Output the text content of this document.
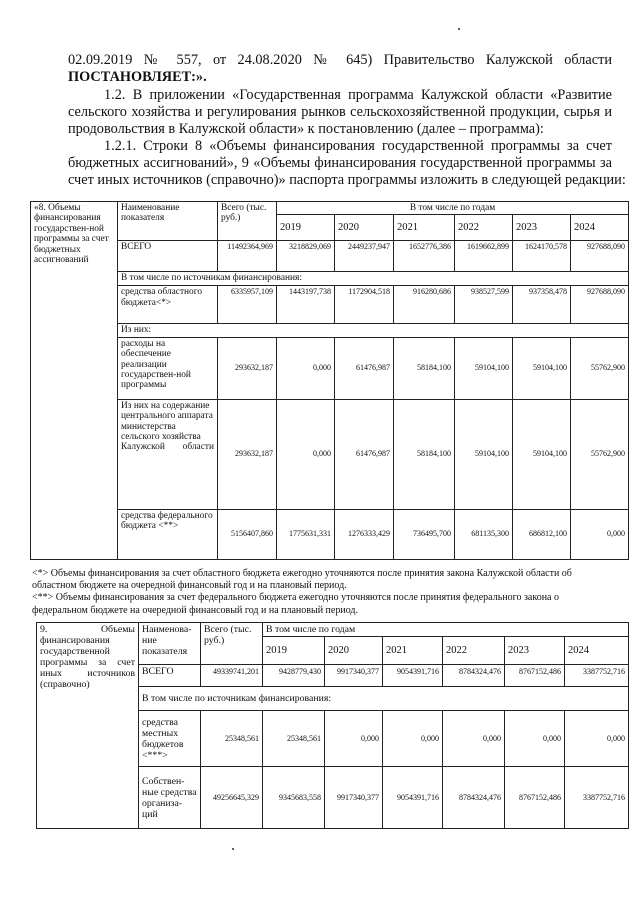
02.09.2019 № 557, от 24.08.2020 № 645) Правительство Калужской области
ПОСТАНОВЛЯЕТ:».
1.2. В приложении «Государственная программа Калужской области «Развитие
сельского хозяйства и регулирования рынков сельскохозяйственной продукции, сырья и
продовольствия в Калужской области» к постановлению (далее – программа):
1.2.1. Строки 8 «Объемы финансирования государственной программы за счет
бюджетных ассигнований», 9 «Объемы финансирования государственной программы за
счет иных источников (справочно)» паспорта программы изложить в следующей редакции:
«8. Объемы финансирования государствен-ной программы за счет бюджетных ассигнований	Наименование показателя	Всего (тыс. руб.)	В том числе по годам					
			2019	2020	2021	2022	2023	2024
	ВСЕГО	11492364,969	3218829,069	2449237,947	1652776,386	1619662,899	1624170,578	927688,090
	В том числе по источникам финансирования:							
	средства областного бюджета<*>	6335957,109	1443197,738	1172904,518	916280,686	938527,599	937358,478	927688,090
	Из них:							
	расходы на обеспечение реализации государствен-ной программы	293632,187	0,000	61476,987	58184,100	59104,100	59104,100	55762,900
	Из них на содержание центрального аппарата министерства сельского хозяйства Калужской области	293632,187	0,000	61476,987	58184,100	59104,100	59104,100	55762,900
	средства федерального бюджета <**>	5156407,860	1775631,331	1276333,429	736495,700	681135,300	686812,100	0,000
<*> Объемы финансирования за счет областного бюджета ежегодно уточняются после принятия закона Калужской области об
областном бюджете на очередной финансовый год и на плановый период.
<**> Объемы финансирования за счет федерального бюджета ежегодно уточняются после принятия федерального закона о
федеральном бюджете на очередной финансовый год и на плановый период.
9. Объемы финансирования государственной программы за счет иных источников (справочно)	Наименова-ние показателя	Всего (тыс. руб.)	В том числе по годам					
			2019	2020	2021	2022	2023	2024
	ВСЕГО	49339741,201	9428779,430	9917340,377	9054391,716	8784324,476	8767152,486	3387752,716
	В том числе по источникам финансирования:							
	средства местных бюджетов <***>	25348,561	25348,561	0,000	0,000	0,000	0,000	0,000
	Собствен-ные средства организа-ций	49256645,329	9345683,558	9917340,377	9054391,716	8784324,476	8767152,486	3387752,716
